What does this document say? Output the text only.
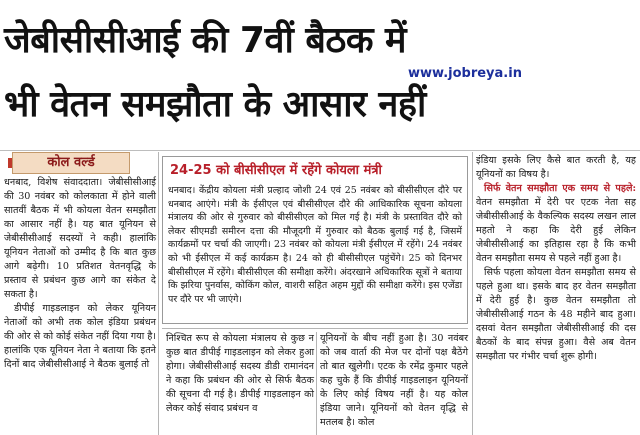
जेबीसीसीआई की 7वीं बैठक में
www.jobreya.in
भी वेतन समझौता के आसार नहीं
कोल वर्ल्ड
धनबाद, विशेष संवाददाता। जेबीसीसीआई की 30 नवंबर को कोलकाता में होने वाली सातवीं बैठक में भी कोयला वेतन समझौता का आसार नहीं है। यह बात यूनियन से जेबीसीसीआई सदस्यों ने कही। हालांकि यूनियन नेताओं को उम्मीद है कि बात कुछ आगे बढ़ेगी। 10 प्रतिशत वेतनवृद्धि के प्रस्ताव से प्रबंधन कुछ आगे का संकेत दे सकता है।
डीपीई गाइडलाइन को लेकर यूनियन नेताओं को अभी तक कोल इंडिया प्रबंधन की ओर से को कोई संकेत नहीं दिया गया है। हालांकि एक यूनियन नेता ने बताया कि इतने दिनों बाद जेबीसीसीआई ने बैठक बुलाई तो
24-25 को बीसीसीएल में रहेंगे कोयला मंत्री
धनबाद। केंद्रीय कोयला मंत्री प्रल्हाद जोशी 24 एवं 25 नवंबर को बीसीसीएल दौरे पर धनबाद आएंगे। मंत्री के ईसीएल एवं बीसीसीएल दौरे की आधिकारिक सूचना कोयला मंत्रालय की ओर से गुरुवार को बीसीसीएल को मिल गई है। मंत्री के प्रस्तावित दौरे को लेकर सीएमडी समीरन दत्ता की मौजूदगी में गुरुवार को बैठक बुलाई गई है, जिसमें कार्यक्रमों पर चर्चा की जाएगी। 23 नवंबर को कोयला मंत्री ईसीएल में रहेंगे। 24 नवंबर को भी ईसीएल में कई कार्यक्रम है। 24 को ही बीसीसीएल पहुंचेंगे। 25 को दिनभर बीसीसीएल में रहेंगे। बीसीसीएल की समीक्षा करेंगे। अंदरखाने अधिकारिक सूत्रों ने बताया कि झरिया पुनर्वास, कोकिंग कोल, वाशरी सहित अहम मुद्दों की समीक्षा करेंगे। इस एजेंडा पर दौरे पर भी जाएंगे।
निश्चित रूप से कोयला मंत्रालय से कुछ न कुछ बात डीपीई गाइडलाइन को लेकर हुआ होगा। जेबीसीसीआई सदस्य डीडी रामानंदन ने कहा कि प्रबंधन की ओर से सिर्फ बैठक की सूचना दी गई है। डीपीई गाइडलाइन को लेकर कोई संवाद प्रबंधन व
यूनियनों के बीच नहीं हुआ है। 30 नवंबर को जब वार्ता की मेज पर दोनों पक्ष बैठेंगे तो बात खुलेगी। एटक के रमेंद्र कुमार पहले कह चुके हैं कि डीपीई गाइडलाइन यूनियनों के लिए कोई विषय नहीं है। यह कोल इंडिया जाने। यूनियनों को वेतन वृद्धि से मतलब है। कोल
इंडिया इसके लिए कैसे बात करती है, यह यूनियनों का विषय है।
सिर्फ वेतन समझौता एक समय से पहले: वेतन समझौता में देरी पर एटक नेता सह जेबीसीसीआई के वैकल्पिक सदस्य लखन लाल महतो ने कहा कि देरी हुई लेकिन जेबीसीसीआई का इतिहास रहा है कि कभी वेतन समझौता समय से पहले नहीं हुआ है।
सिर्फ पहला कोयला वेतन समझौता समय से पहले हुआ था। इसके बाद हर वेतन समझौता में देरी हुई है। कुछ वेतन समझौता तो जेबीसीसीआई गठन के 48 महीने बाद हुआ। दसवां वेतन समझौता जेबीसीसीआई की दस बैठकों के बाद संपन्न हुआ। वैसे अब वेतन समझौता पर गंभीर चर्चा शुरू होगी।
